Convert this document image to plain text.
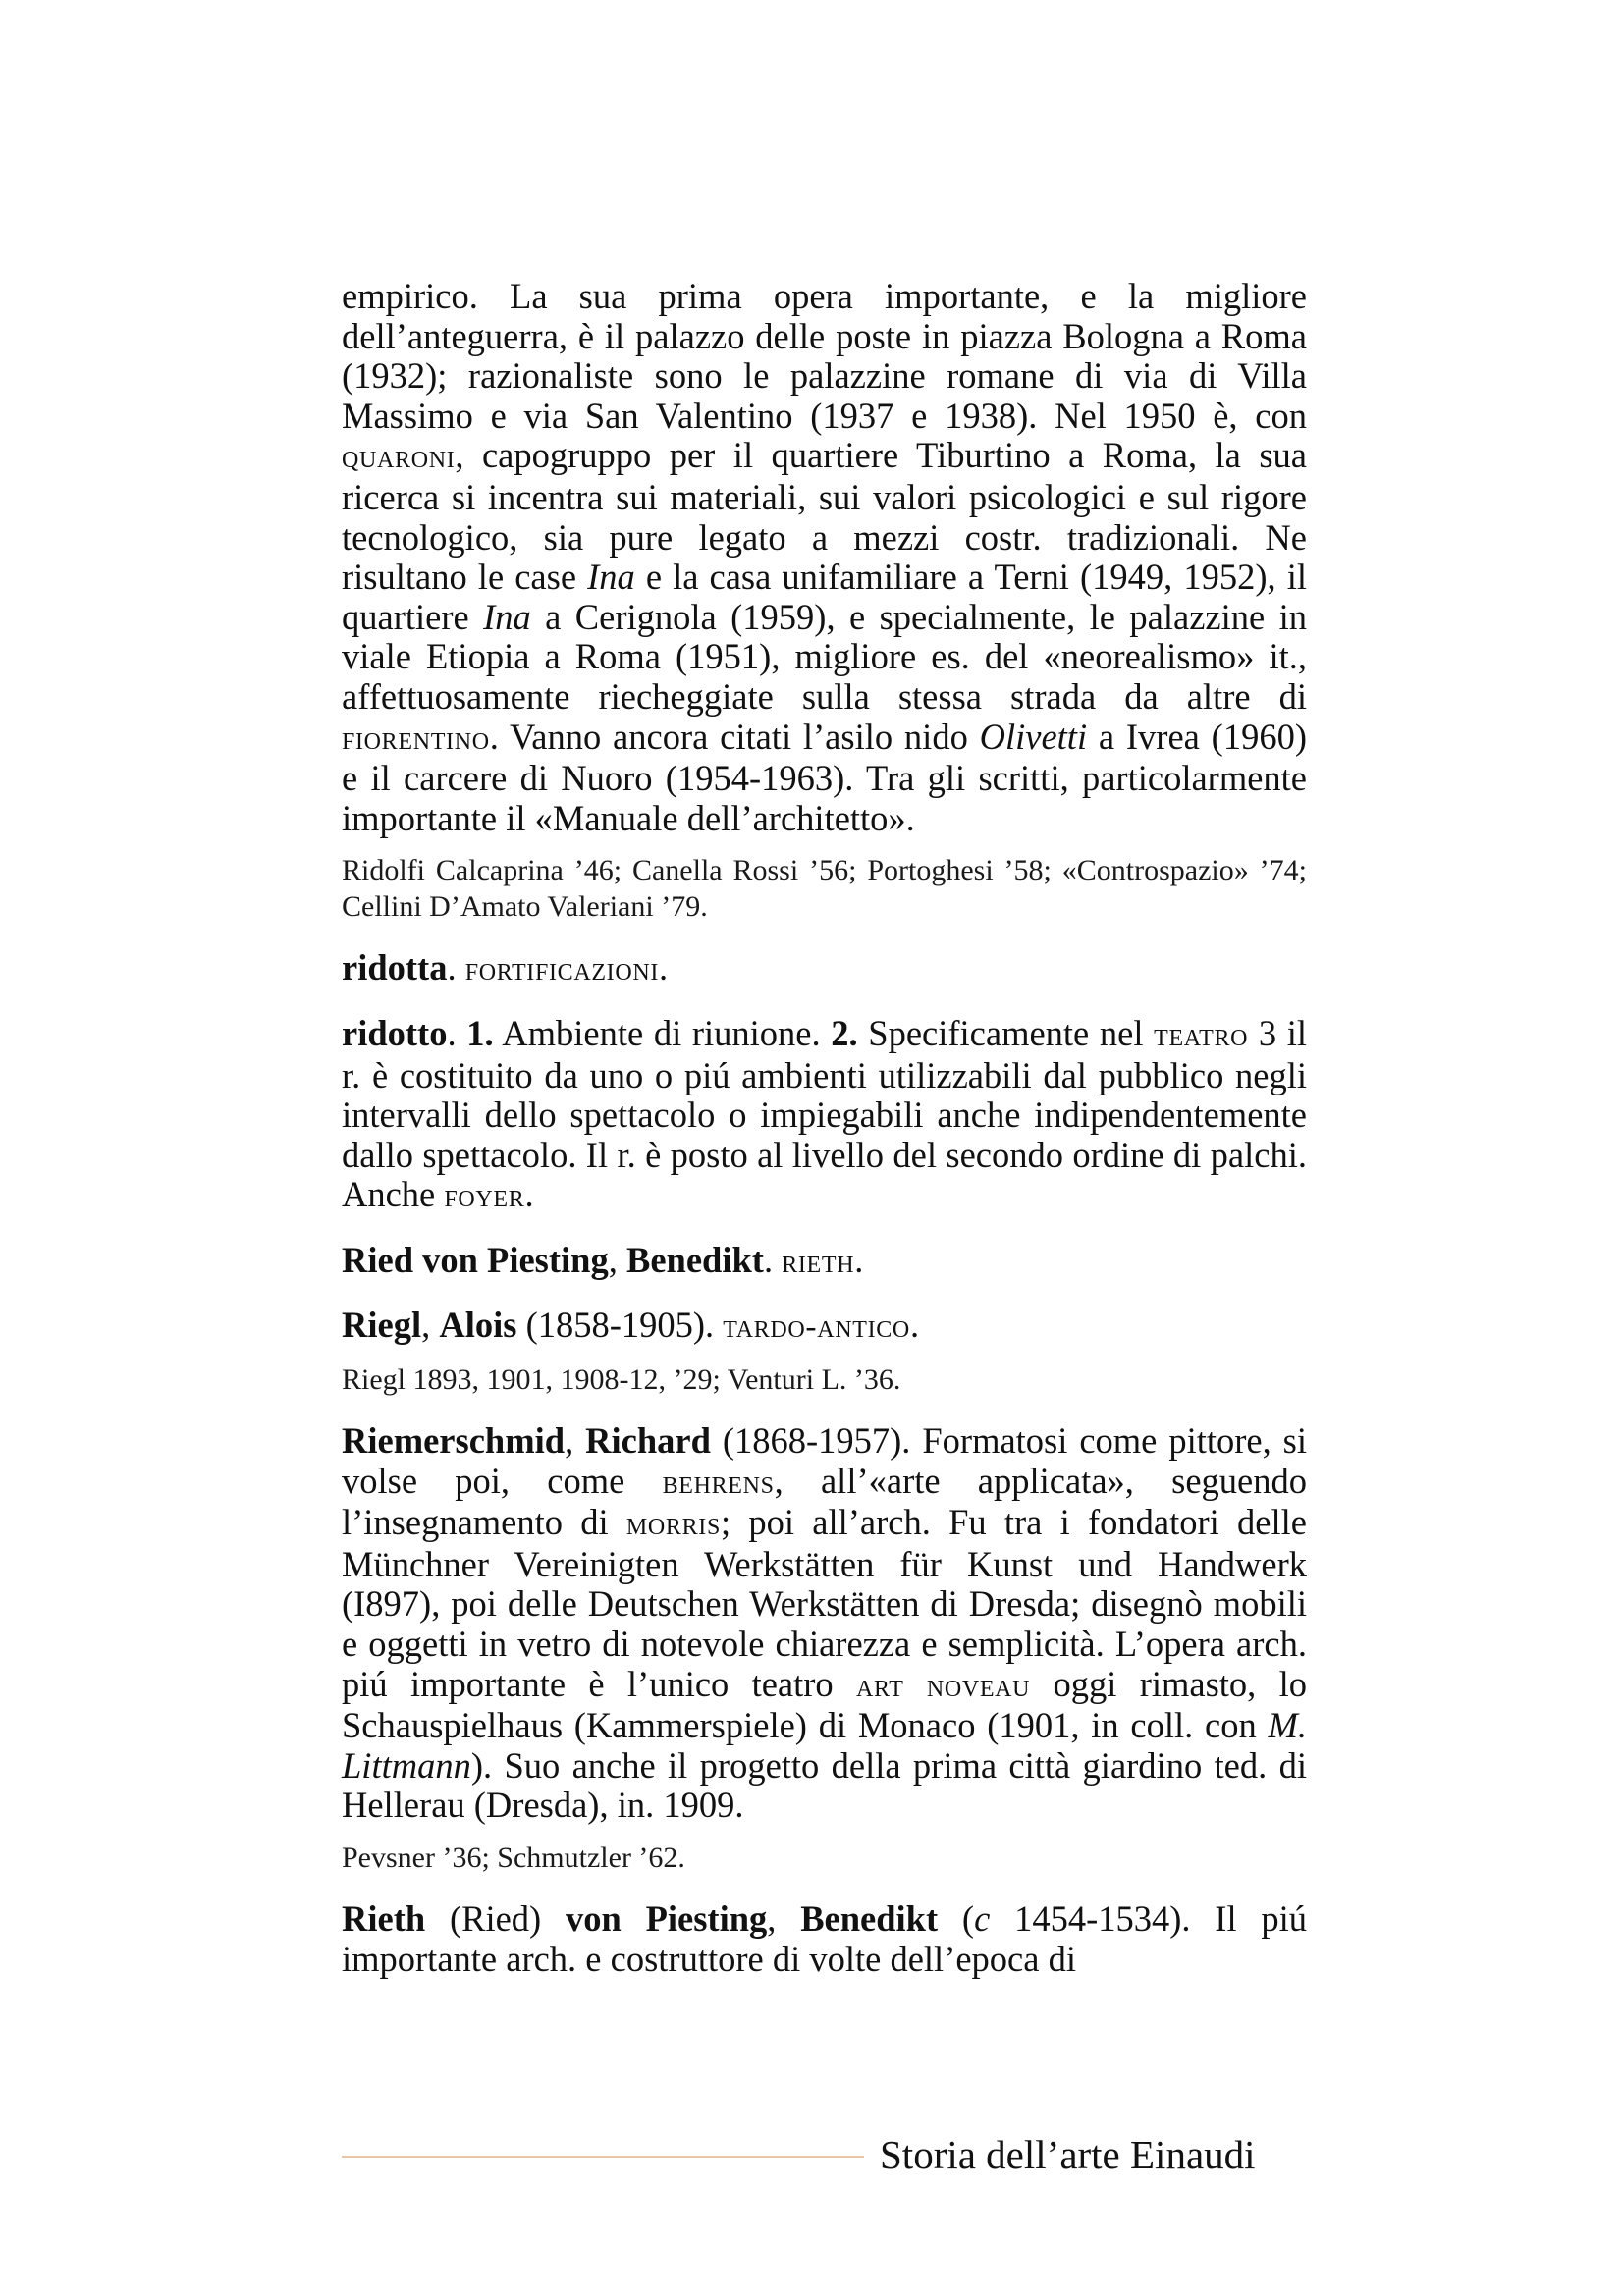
empirico. La sua prima opera importante, e la migliore dell’anteguerra, è il palazzo delle poste in piazza Bologna a Roma (1932); razionaliste sono le palazzine romane di via di Villa Massimo e via San Valentino (1937 e 1938). Nel 1950 è, con quaroni, capogruppo per il quartiere Tiburtino a Roma, la sua ricerca si incentra sui materiali, sui valori psicologici e sul rigore tecnologico, sia pure legato a mezzi costr. tradizionali. Ne risultano le case Ina e la casa unifamiliare a Terni (1949, 1952), il quartiere Ina a Cerignola (1959), e specialmente, le palazzine in viale Etiopia a Roma (1951), migliore es. del «neorealismo» it., affettuosamente riecheggiate sulla stessa strada da altre di fiorentino. Vanno ancora citati l’asilo nido Olivetti a Ivrea (1960) e il carcere di Nuoro (1954-1963). Tra gli scritti, particolarmente importante il «Manuale dell’architetto».

Ridolfi Calcaprina ’46; Canella Rossi ’56; Portoghesi ’58; «Controspazio» ’74; Cellini D’Amato Valeriani ’79.

ridotta. fortificazioni.

ridotto. 1. Ambiente di riunione. 2. Specificamente nel teatro 3 il r. è costituito da uno o piú ambienti utilizzabili dal pubblico negli intervalli dello spettacolo o impiegabili anche indipendentemente dallo spettacolo. Il r. è posto al livello del secondo ordine di palchi. Anche foyer.

Ried von Piesting, Benedikt. rieth.

Riegl, Alois (1858-1905). tardo-antico.

Riegl 1893, 1901, 1908-12, ’29; Venturi L. ’36.

Riemerschmid, Richard (1868-1957). Formatosi come pittore, si volse poi, come behrens, all’«arte applicata», seguendo l’insegnamento di morris; poi all’arch. Fu tra i fondatori delle Münchner Vereinigten Werkstätten für Kunst und Handwerk (I897), poi delle Deutschen Werkstätten di Dresda; disegnò mobili e oggetti in vetro di notevole chiarezza e semplicità. L’opera arch. piú importante è l’unico teatro art noveau oggi rimasto, lo Schauspielhaus (Kammerspiele) di Monaco (1901, in coll. con M. Littmann). Suo anche il progetto della prima città giardino ted. di Hellerau (Dresda), in. 1909.

Pevsner ’36; Schmutzler ’62.

Rieth (Ried) von Piesting, Benedikt (c 1454-1534). Il piú importante arch. e costruttore di volte dell’epoca di

Storia dell’arte Einaudi
